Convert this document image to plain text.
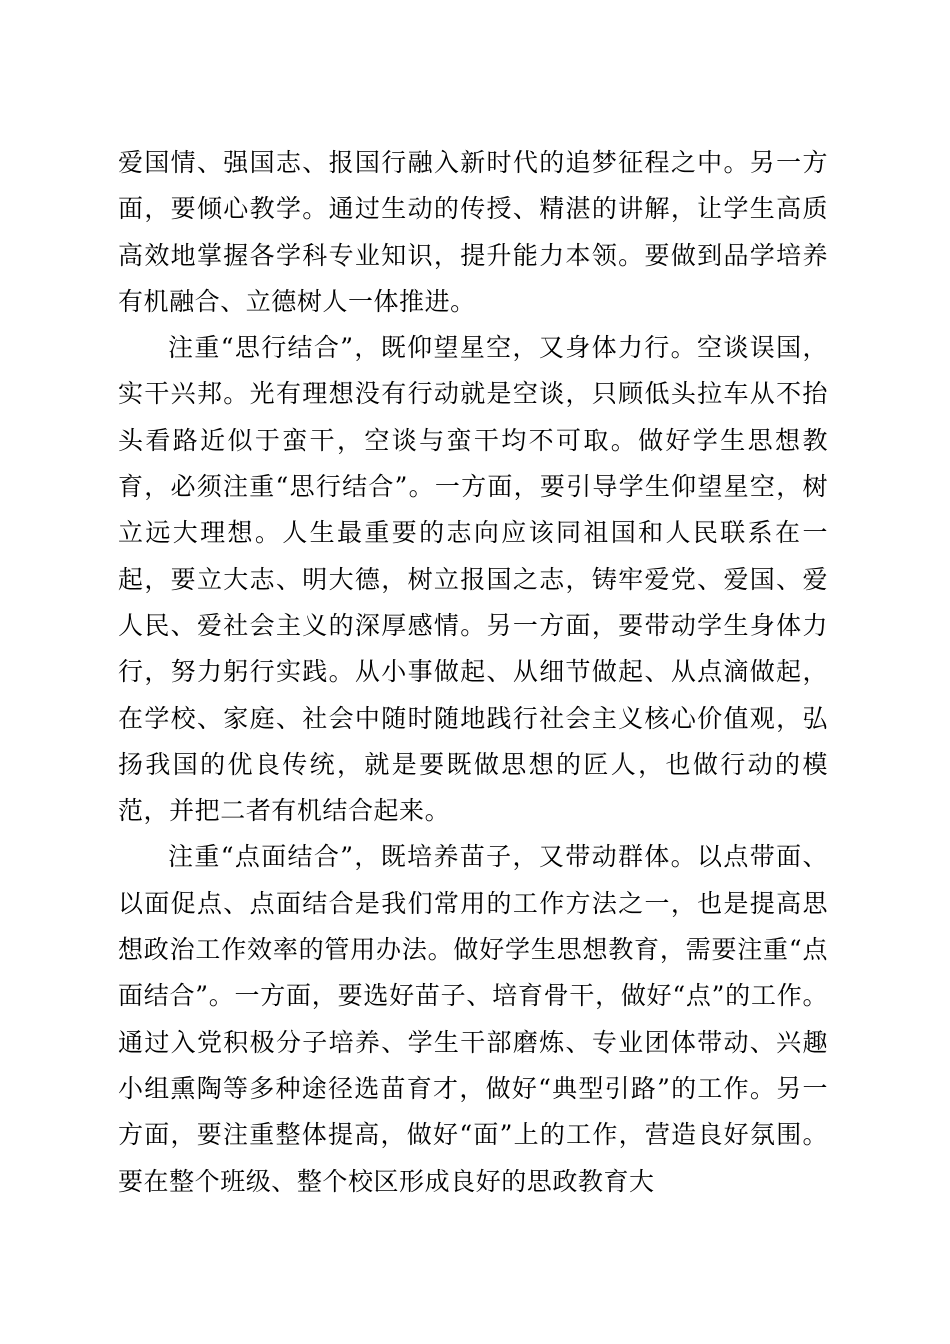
爱国情、强国志、报国行融入新时代的追梦征程之中。另一方面，要倾心教学。通过生动的传授、精湛的讲解，让学生高质高效地掌握各学科专业知识，提升能力本领。要做到品学培养有机融合、立德树人一体推进。

注重“思行结合”，既仰望星空，又身体力行。空谈误国，实干兴邦。光有理想没有行动就是空谈，只顾低头拉车从不抬头看路近似于蛮干，空谈与蛮干均不可取。做好学生思想教育，必须注重“思行结合”。一方面，要引导学生仰望星空，树立远大理想。人生最重要的志向应该同祖国和人民联系在一起，要立大志、明大德，树立报国之志，铸牢爱党、爱国、爱人民、爱社会主义的深厚感情。另一方面，要带动学生身体力行，努力躬行实践。从小事做起、从细节做起、从点滴做起，在学校、家庭、社会中随时随地践行社会主义核心价值观，弘扬我国的优良传统，就是要既做思想的匠人，也做行动的模范，并把二者有机结合起来。

注重“点面结合”，既培养苗子，又带动群体。以点带面、以面促点、点面结合是我们常用的工作方法之一，也是提高思想政治工作效率的管用办法。做好学生思想教育，需要注重“点面结合”。一方面，要选好苗子、培育骨干，做好“点”的工作。通过入党积极分子培养、学生干部磨炼、专业团体带动、兴趣小组熏陶等多种途径选苗育才，做好“典型引路”的工作。另一方面，要注重整体提高，做好“面”上的工作，营造良好氛围。要在整个班级、整个校区形成良好的思政教育大
